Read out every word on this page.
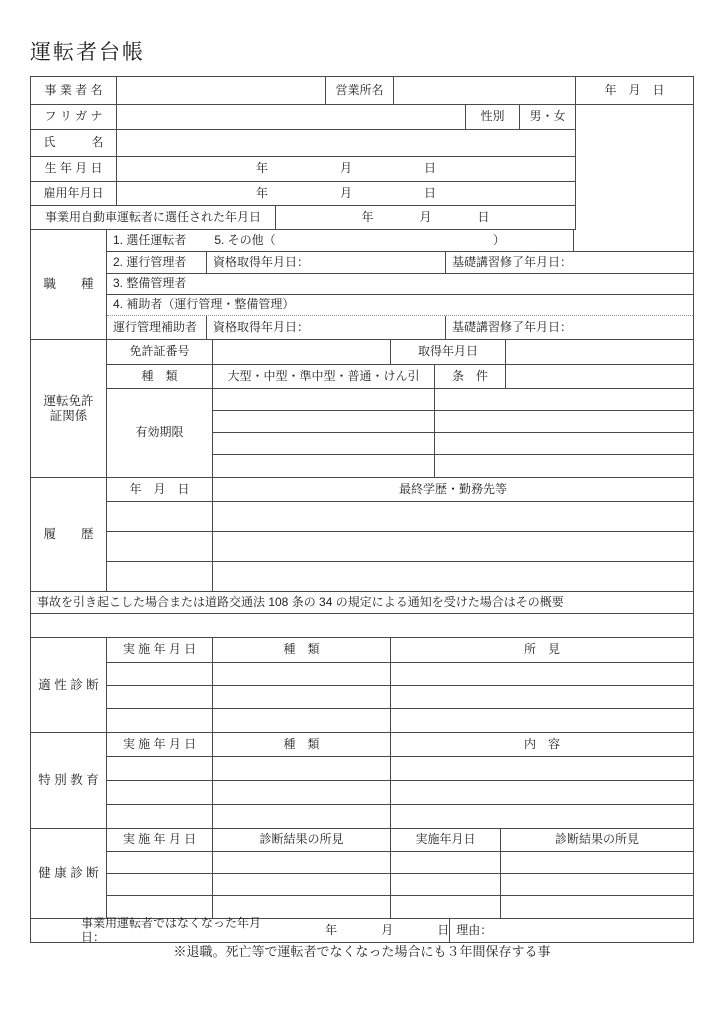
運転者台帳
事 業 者 名	営業所名	年　月　日
フ リ ガ ナ	性別	男・女
氏　　　名
生 年 月 日	年	月	日
雇用年月日	年	月	日
事業用自動車運転者に選任された年月日	年	月	日
職　　種
1. 選任運転者 5. その他（	）
2. 運行管理者	資格取得年月日：	基礎講習修了年月日：
3. 整備管理者
4. 補助者（運行管理・整備管理）
運行管理補助者	資格取得年月日：	基礎講習修了年月日：
運転免許
証関係
免許証番号	取得年月日
種　類	大型・中型・準中型・普通・けん引	条　件
有効期限
履　　歴
年　月　日	最終学歴・勤務先等
事故を引き起こした場合または道路交通法 108 条の 34 の規定による通知を受けた場合はその概要
適 性 診 断
実 施 年 月 日	種　類	所　見
特 別 教 育
実 施 年 月 日	種　類	内　容
健 康 診 断
実 施 年 月 日	診断結果の所見	実施年月日	診断結果の所見
事業用運転者ではなくなった年月日：	年	月	日 理由：
※退職。死亡等で運転者でなくなった場合にも３年間保存する事
